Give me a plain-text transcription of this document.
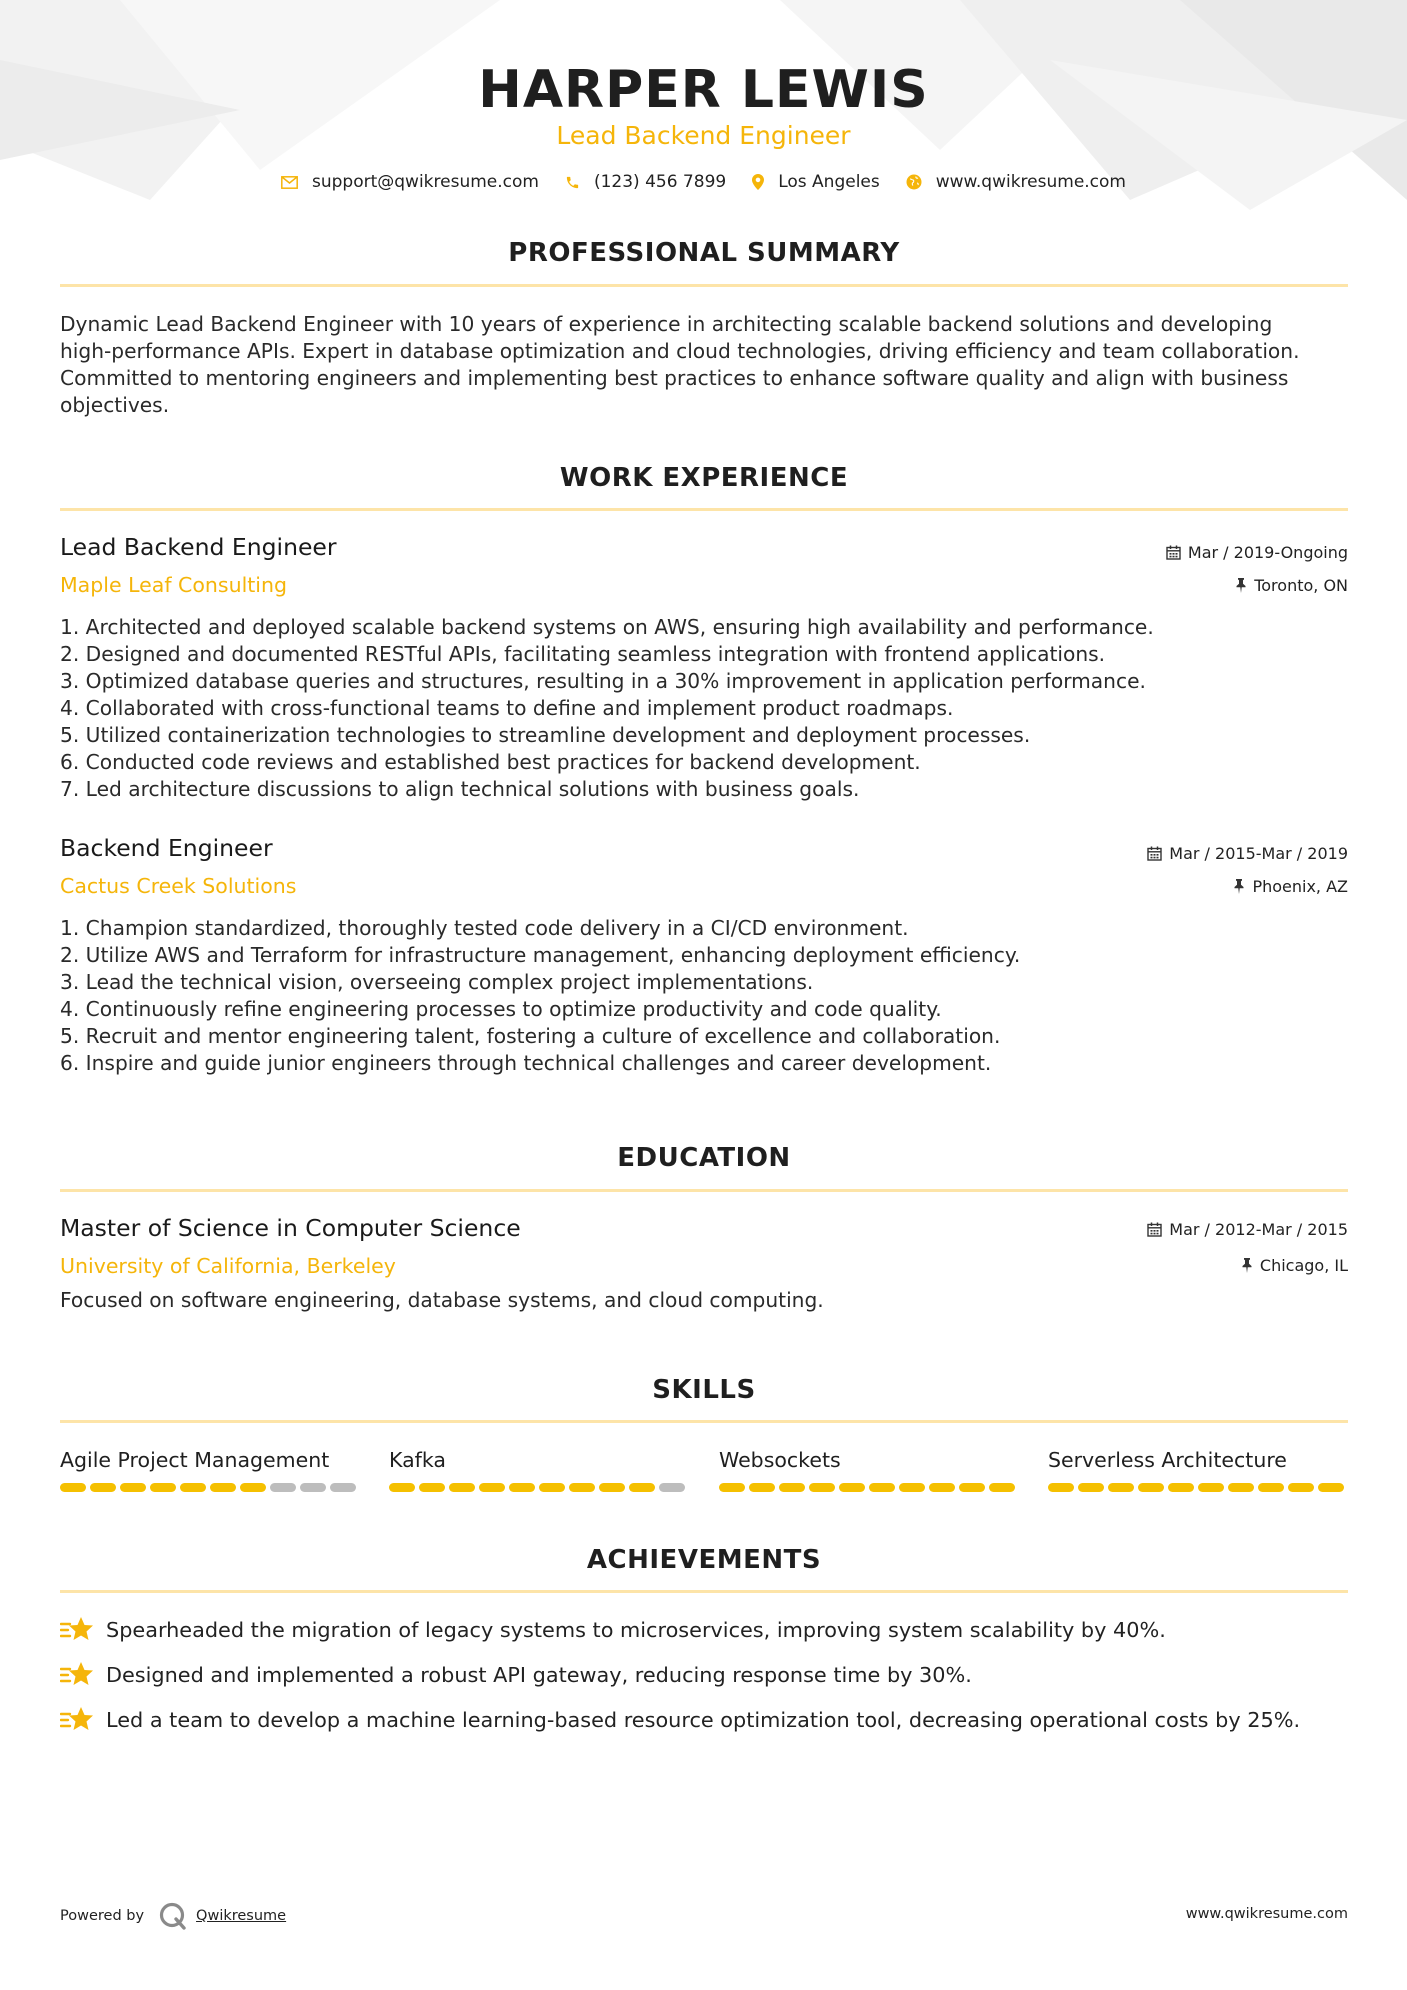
HARPER LEWIS
Lead Backend Engineer
support@qwikresume.com	(123) 456 7899	Los Angeles	www.qwikresume.com
PROFESSIONAL SUMMARY
Dynamic Lead Backend Engineer with 10 years of experience in architecting scalable backend solutions and developing
high-performance APIs. Expert in database optimization and cloud technologies, driving efficiency and team collaboration.
Committed to mentoring engineers and implementing best practices to enhance software quality and align with business
objectives.
WORK EXPERIENCE
Lead Backend Engineer
Maple Leaf Consulting
Mar / 2019-Ongoing
Toronto, ON
1. Architected and deployed scalable backend systems on AWS, ensuring high availability and performance.
2. Designed and documented RESTful APIs, facilitating seamless integration with frontend applications.
3. Optimized database queries and structures, resulting in a 30% improvement in application performance.
4. Collaborated with cross-functional teams to define and implement product roadmaps.
5. Utilized containerization technologies to streamline development and deployment processes.
6. Conducted code reviews and established best practices for backend development.
7. Led architecture discussions to align technical solutions with business goals.
Backend Engineer
Cactus Creek Solutions
Mar / 2015-Mar / 2019
Phoenix, AZ
1. Champion standardized, thoroughly tested code delivery in a CI/CD environment.
2. Utilize AWS and Terraform for infrastructure management, enhancing deployment efficiency.
3. Lead the technical vision, overseeing complex project implementations.
4. Continuously refine engineering processes to optimize productivity and code quality.
5. Recruit and mentor engineering talent, fostering a culture of excellence and collaboration.
6. Inspire and guide junior engineers through technical challenges and career development.
EDUCATION
Master of Science in Computer Science
University of California, Berkeley
Mar / 2012-Mar / 2015
Chicago, IL
Focused on software engineering, database systems, and cloud computing.
SKILLS
Agile Project Management	Kafka	Websockets	Serverless Architecture
ACHIEVEMENTS
Spearheaded the migration of legacy systems to microservices, improving system scalability by 40%.
Designed and implemented a robust API gateway, reducing response time by 30%.
Led a team to develop a machine learning-based resource optimization tool, decreasing operational costs by 25%.
Powered by	Qwikresume	www.qwikresume.com
